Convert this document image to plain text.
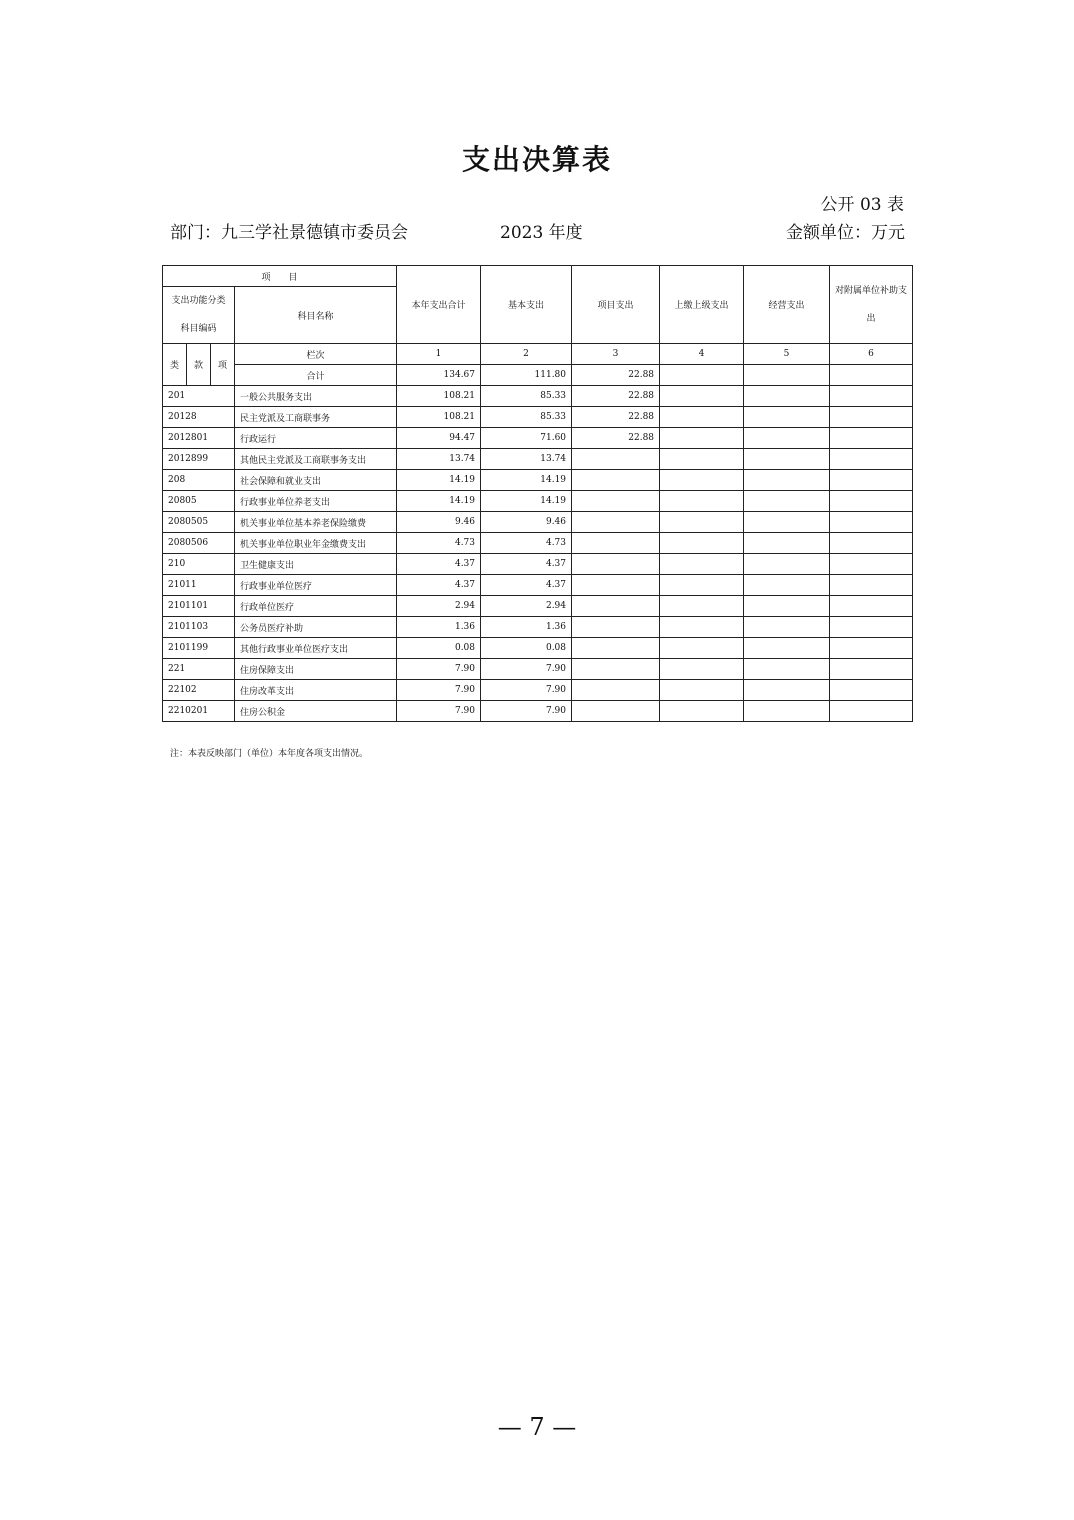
支出决算表
公开 03 表
部门：九三学社景德镇市委员会	2023 年度	金额单位：万元
项　　目				本年支出合计	基本支出	项目支出	上缴上级支出	经营支出	对附属单位补助支出
支出功能分类科目编码			科目名称						
类	款	项	栏次	1	2	3	4	5	6
			合计	134.67	111.80	22.88			
201			一般公共服务支出	108.21	85.33	22.88			
20128			民主党派及工商联事务	108.21	85.33	22.88			
2012801			行政运行	94.47	71.60	22.88			
2012899			其他民主党派及工商联事务支出	13.74	13.74				
208			社会保障和就业支出	14.19	14.19				
20805			行政事业单位养老支出	14.19	14.19				
2080505			机关事业单位基本养老保险缴费	9.46	9.46				
2080506			机关事业单位职业年金缴费支出	4.73	4.73				
210			卫生健康支出	4.37	4.37				
21011			行政事业单位医疗	4.37	4.37				
2101101			行政单位医疗	2.94	2.94				
2101103			公务员医疗补助	1.36	1.36				
2101199			其他行政事业单位医疗支出	0.08	0.08				
221			住房保障支出	7.90	7.90				
22102			住房改革支出	7.90	7.90				
2210201			住房公积金	7.90	7.90				
注：本表反映部门（单位）本年度各项支出情况。
— 7 —
